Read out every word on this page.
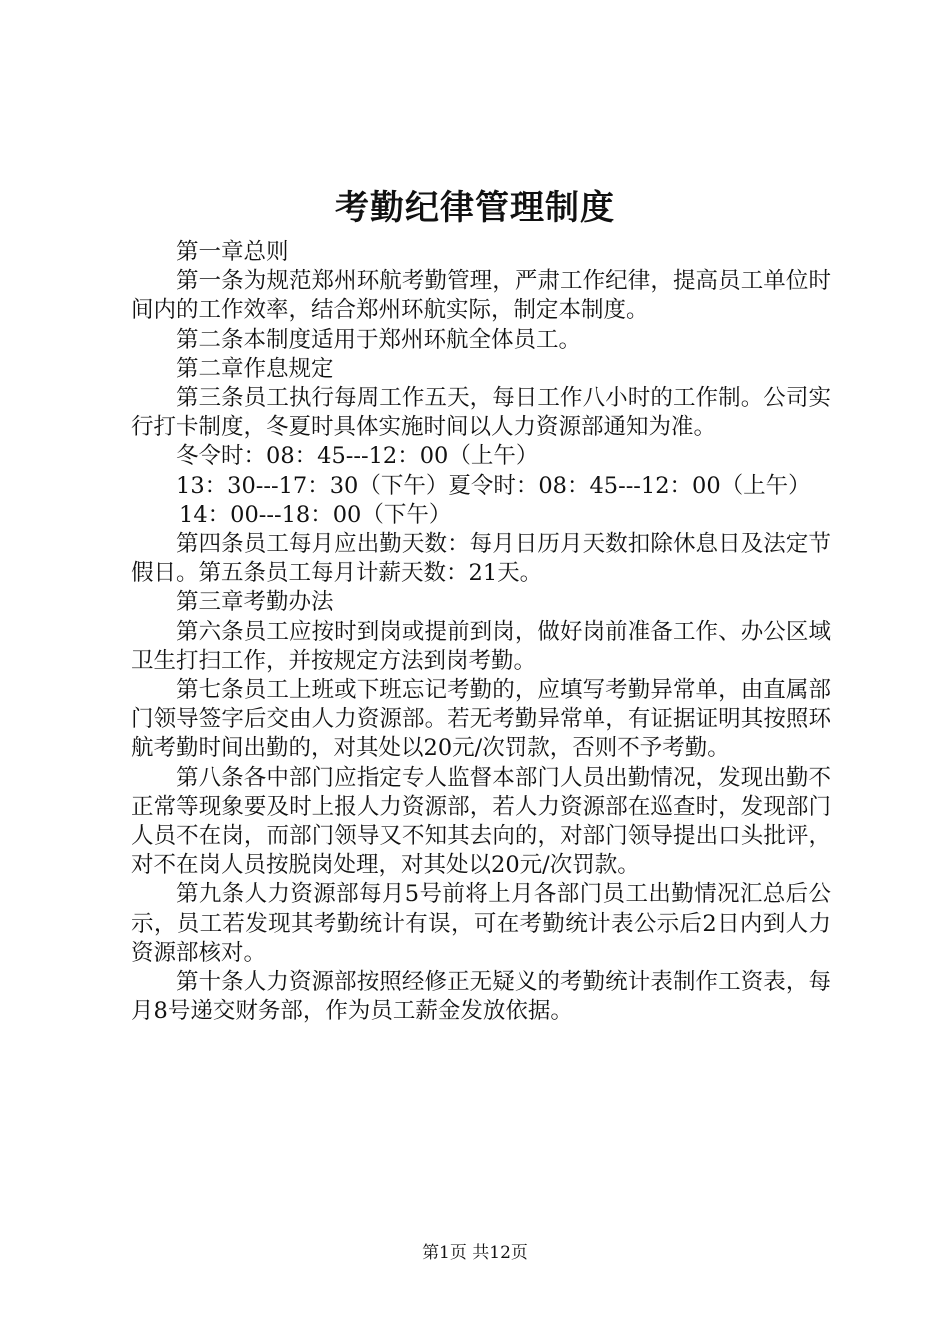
考勤纪律管理制度

第一章总则

第一条为规范郑州环航考勤管理，严肃工作纪律，提高员工单位时间内的工作效率，结合郑州环航实际，制定本制度。

第二条本制度适用于郑州环航全体员工。

第二章作息规定

第三条员工执行每周工作五天，每日工作八小时的工作制。公司实行打卡制度，冬夏时具体实施时间以人力资源部通知为准。

冬令时：08：45---12：00（上午）

13：30---17：30（下午）夏令时：08：45---12：00（上午）

14：00---18：00（下午）

第四条员工每月应出勤天数：每月日历月天数扣除休息日及法定节假日。第五条员工每月计薪天数：21天。

第三章考勤办法

第六条员工应按时到岗或提前到岗，做好岗前准备工作、办公区域卫生打扫工作，并按规定方法到岗考勤。

第七条员工上班或下班忘记考勤的，应填写考勤异常单，由直属部门领导签字后交由人力资源部。若无考勤异常单，有证据证明其按照环航考勤时间出勤的，对其处以20元/次罚款，否则不予考勤。

第八条各中部门应指定专人监督本部门人员出勤情况，发现出勤不正常等现象要及时上报人力资源部，若人力资源部在巡查时，发现部门人员不在岗，而部门领导又不知其去向的，对部门领导提出口头批评，对不在岗人员按脱岗处理，对其处以20元/次罚款。

第九条人力资源部每月5号前将上月各部门员工出勤情况汇总后公示，员工若发现其考勤统计有误，可在考勤统计表公示后2日内到人力资源部核对。

第十条人力资源部按照经修正无疑义的考勤统计表制作工资表，每月8号递交财务部，作为员工薪金发放依据。

第1页 共12页
